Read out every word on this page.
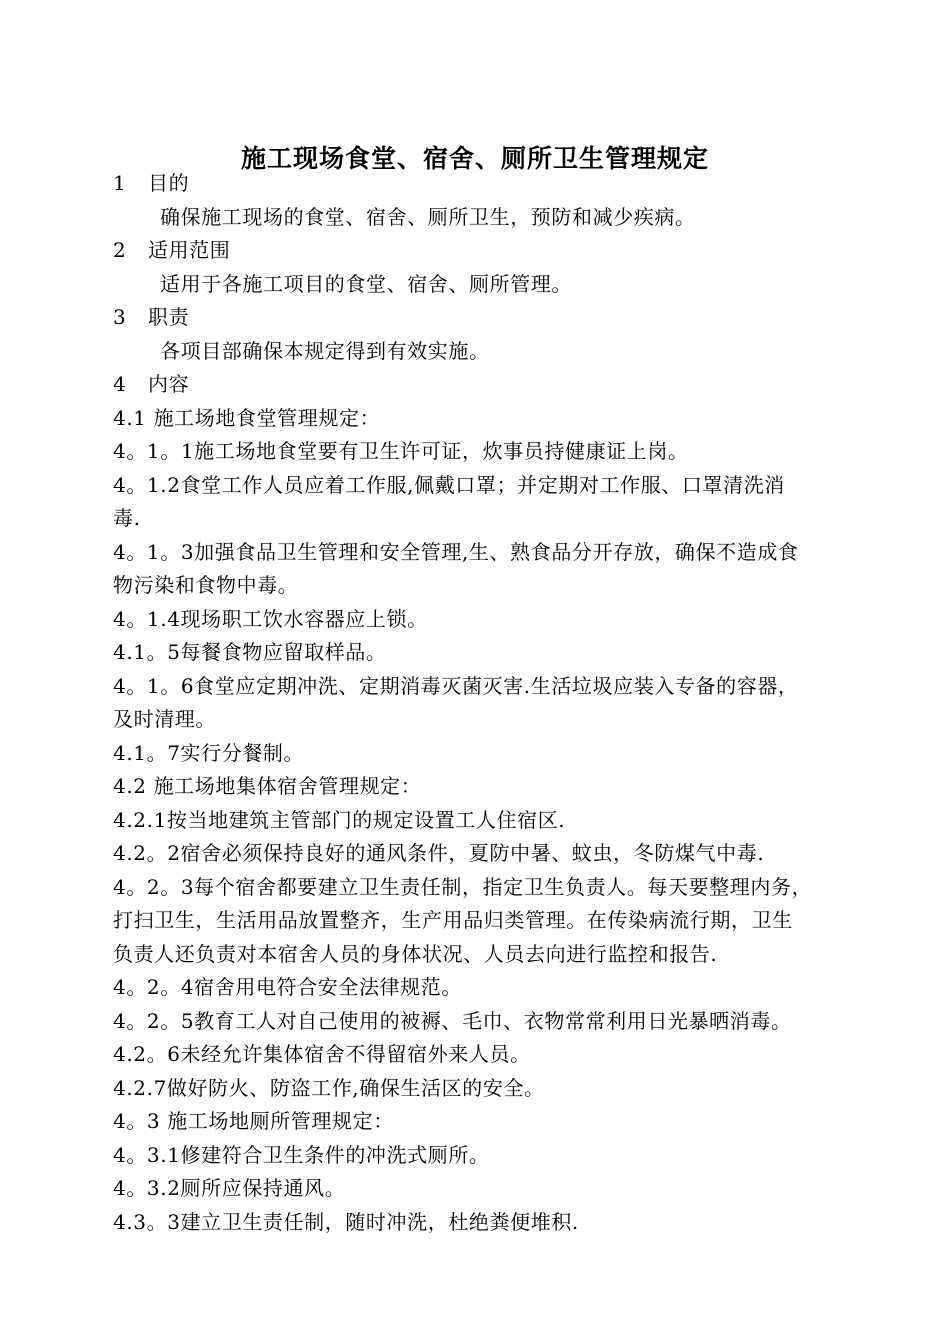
施工现场食堂、宿舍、厕所卫生管理规定
1 目的
确保施工现场的食堂、宿舍、厕所卫生，预防和减少疾病。
2 适用范围
适用于各施工项目的食堂、宿舍、厕所管理。
3 职责
各项目部确保本规定得到有效实施。
4 内容
4.1 施工场地食堂管理规定：
4。1。1施工场地食堂要有卫生许可证，炊事员持健康证上岗。
4。1.2食堂工作人员应着工作服,佩戴口罩；并定期对工作服、口罩清洗消
毒.
4。1。3加强食品卫生管理和安全管理,生、熟食品分开存放，确保不造成食
物污染和食物中毒。
4。1.4现场职工饮水容器应上锁。
4.1。5每餐食物应留取样品。
4。1。6食堂应定期冲洗、定期消毒灭菌灭害.生活垃圾应装入专备的容器，
及时清理。
4.1。7实行分餐制。
4.2 施工场地集体宿舍管理规定：
4.2.1按当地建筑主管部门的规定设置工人住宿区.
4.2。2宿舍必须保持良好的通风条件，夏防中暑、蚊虫，冬防煤气中毒.
4。2。3每个宿舍都要建立卫生责任制，指定卫生负责人。每天要整理内务，
打扫卫生，生活用品放置整齐，生产用品归类管理。在传染病流行期，卫生
负责人还负责对本宿舍人员的身体状况、人员去向进行监控和报告.
4。2。4宿舍用电符合安全法律规范。
4。2。5教育工人对自己使用的被褥、毛巾、衣物常常利用日光暴晒消毒。
4.2。6未经允许集体宿舍不得留宿外来人员。
4.2.7做好防火、防盗工作,确保生活区的安全。
4。3 施工场地厕所管理规定：
4。3.1修建符合卫生条件的冲洗式厕所。
4。3.2厕所应保持通风。
4.3。3建立卫生责任制，随时冲洗，杜绝粪便堆积.
